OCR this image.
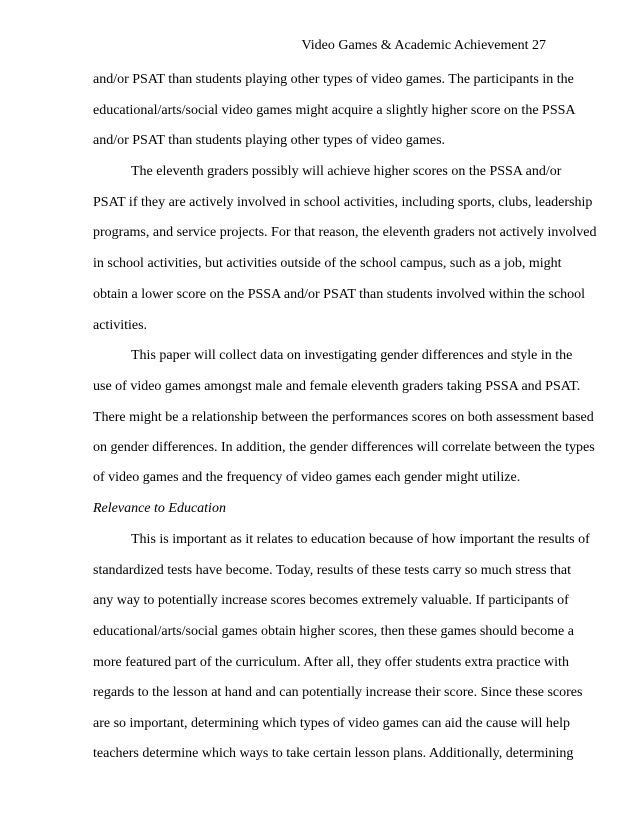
Video Games & Academic Achievement 27
and/or PSAT than students playing other types of video games. The participants in the
educational/arts/social video games might acquire a slightly higher score on the PSSA
and/or PSAT than students playing other types of video games.
The eleventh graders possibly will achieve higher scores on the PSSA and/or
PSAT if they are actively involved in school activities, including sports, clubs, leadership
programs, and service projects. For that reason, the eleventh graders not actively involved
in school activities, but activities outside of the school campus, such as a job, might
obtain a lower score on the PSSA and/or PSAT than students involved within the school
activities.
This paper will collect data on investigating gender differences and style in the
use of video games amongst male and female eleventh graders taking PSSA and PSAT.
There might be a relationship between the performances scores on both assessment based
on gender differences. In addition, the gender differences will correlate between the types
of video games and the frequency of video games each gender might utilize.
Relevance to Education
This is important as it relates to education because of how important the results of
standardized tests have become. Today, results of these tests carry so much stress that
any way to potentially increase scores becomes extremely valuable. If participants of
educational/arts/social games obtain higher scores, then these games should become a
more featured part of the curriculum. After all, they offer students extra practice with
regards to the lesson at hand and can potentially increase their score. Since these scores
are so important, determining which types of video games can aid the cause will help
teachers determine which ways to take certain lesson plans. Additionally, determining
